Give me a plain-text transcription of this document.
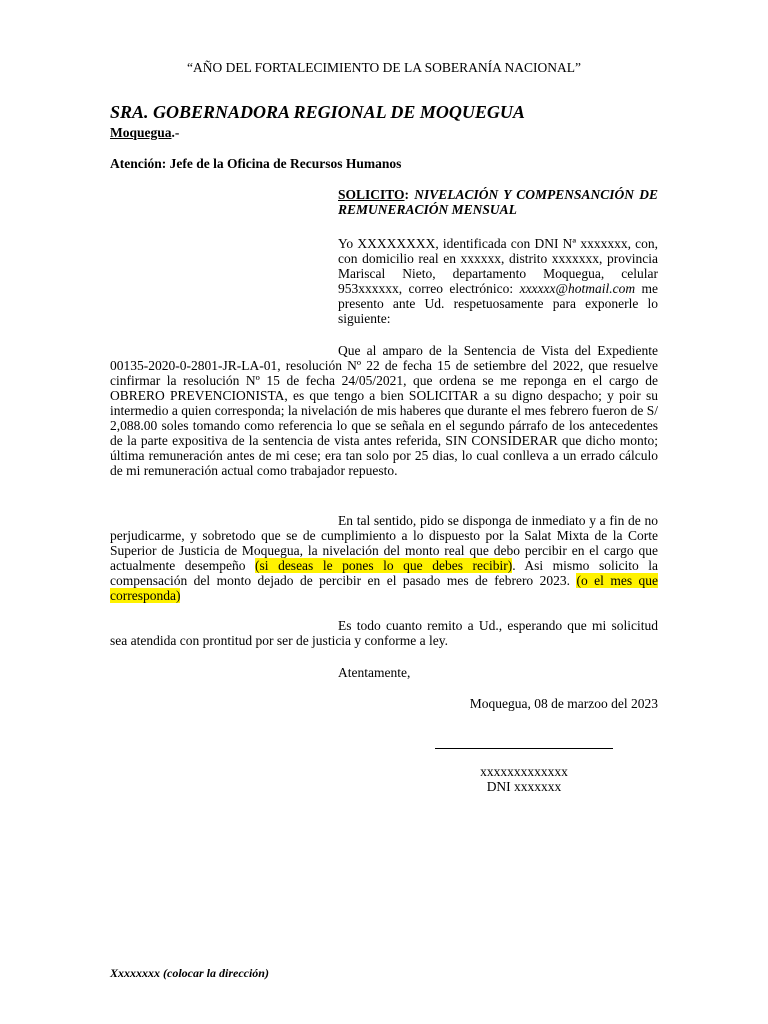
“AÑO DEL FORTALECIMIENTO DE LA SOBERANÍA NACIONAL”
SRA. GOBERNADORA REGIONAL DE MOQUEGUA
Moquegua.-
Atención: Jefe de la Oficina de Recursos Humanos
SOLICITO: NIVELACIÓN Y COMPENSANCIÓN DE REMUNERACIÓN MENSUAL
Yo XXXXXXXX, identificada con DNI Nª xxxxxxx, con, con domicilio real en xxxxxx, distrito xxxxxxx, provincia Mariscal Nieto, departamento Moquegua, celular 953xxxxxx, correo electrónico: xxxxxx@hotmail.com me presento ante Ud. respetuosamente para exponerle lo siguiente:

Que al amparo de la Sentencia de Vista del Expediente 00135-2020-0-2801-JR-LA-01, resolución Nº 22 de fecha 15 de setiembre del 2022, que resuelve cinfirmar la resolución Nº 15 de fecha 24/05/2021, que ordena se me reponga en el cargo de OBRERO PREVENCIONISTA, es que tengo a bien SOLICITAR a su digno despacho; y poir su intermedio a quien corresponda; la nivelación de mis haberes que durante el mes febrero fueron de S/ 2,088.00 soles tomando como referencia lo que se señala en el segundo párrafo de los antecedentes de la parte expositiva de la sentencia de vista antes referida, SIN CONSIDERAR que dicho monto; última remuneración antes de mi cese; era tan solo por 25 dias, lo cual conlleva a un errado cálculo de mi remuneración actual como trabajador repuesto.

En tal sentido, pido se disponga de inmediato y a fin de no perjudicarme, y sobretodo que se de cumplimiento a lo dispuesto por la Salat Mixta de la Corte Superior de Justicia de Moquegua, la nivelación del monto real que debo percibir en el cargo que actualmente desempeño (si deseas le pones lo que debes recibir). Asi mismo solicito la compensación del monto dejado de percibir en el pasado mes de febrero 2023. (o el mes que corresponda)

Es todo cuanto remito a Ud., esperando que mi solicitud sea atendida con prontitud por ser de justicia y conforme a ley.

Atentamente,
Moquegua, 08 de marzoo del 2023
xxxxxxxxxxxxx
DNI xxxxxxx
Xxxxxxxx (colocar la dirección)
